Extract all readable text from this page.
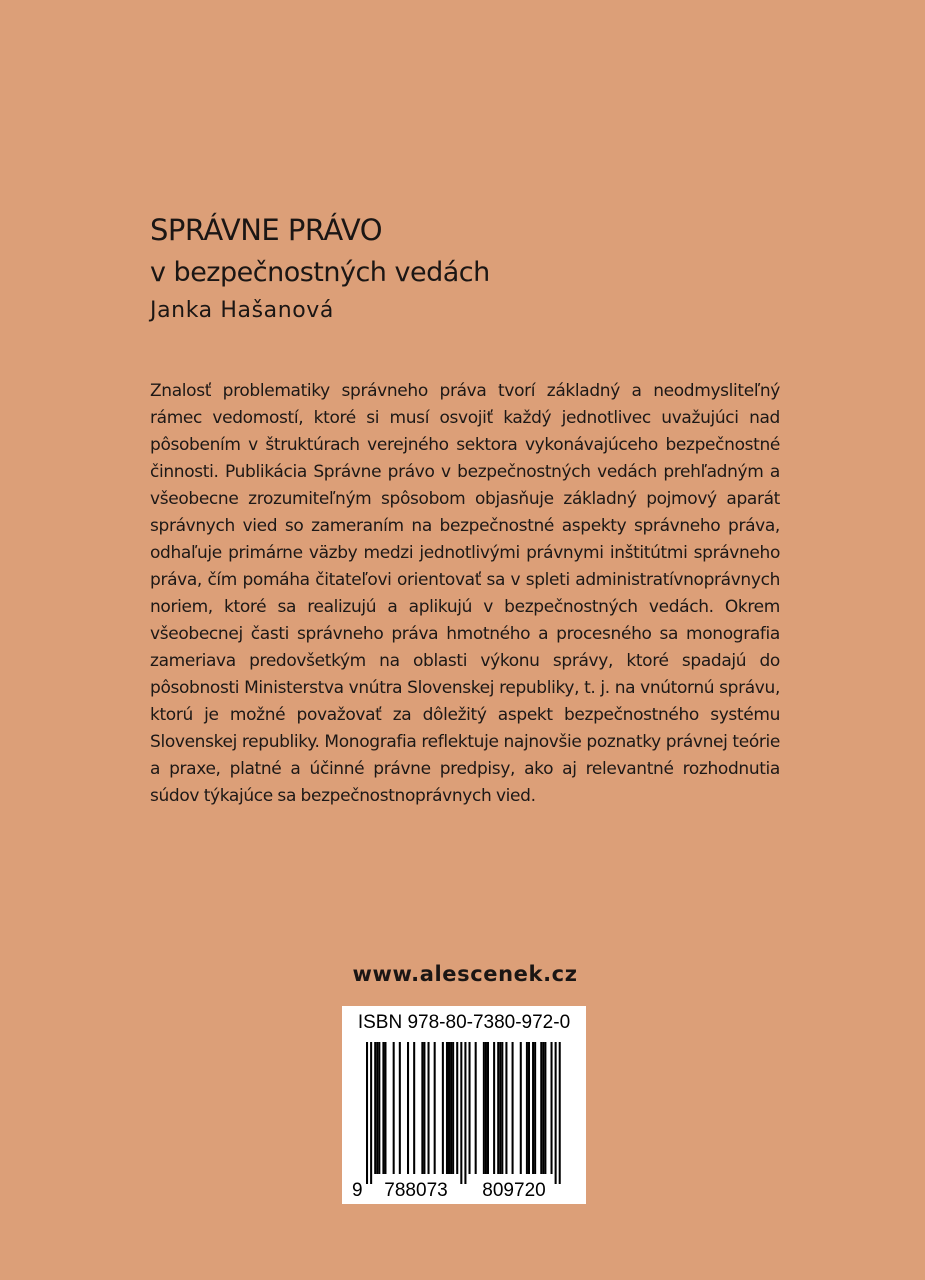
SPRÁVNE PRÁVO
v bezpečnostných vedách
Janka Hašanová

Znalosť problematiky správneho práva tvorí základný a neodmysliteľný rámec vedomostí, ktoré si musí osvojiť každý jednotlivec uvažujúci nad pôsobením v štruktúrach verejného sektora vykonávajúceho bezpečnostné činnosti. Publikácia Správne právo v bezpečnostných vedách prehľadným a všeobecne zrozumiteľným spôsobom objasňuje základný pojmový aparát správnych vied so zameraním na bezpečnostné aspekty správneho práva, odhaľuje primárne väzby medzi jednotlivými právnymi inštitútmi správneho práva, čím pomáha čitateľovi orientovať sa v spleti administratívnoprávnych noriem, ktoré sa realizujú a aplikujú v bezpečnostných vedách. Okrem všeobecnej časti správneho práva hmotného a procesného sa monografia zameriava predovšetkým na oblasti výkonu správy, ktoré spadajú do pôsobnosti Ministerstva vnútra Slovenskej republiky, t. j. na vnútornú správu, ktorú je možné považovať za dôležitý aspekt bezpečnostného systému Slovenskej republiky. Monografia reflektuje najnovšie poznatky právnej teórie a praxe, platné a účinné právne predpisy, ako aj relevantné rozhodnutia súdov týkajúce sa bezpečnostnoprávnych vied.

www.alescenek.cz
ISBN 978-80-7380-972-0
9 788073 809720
